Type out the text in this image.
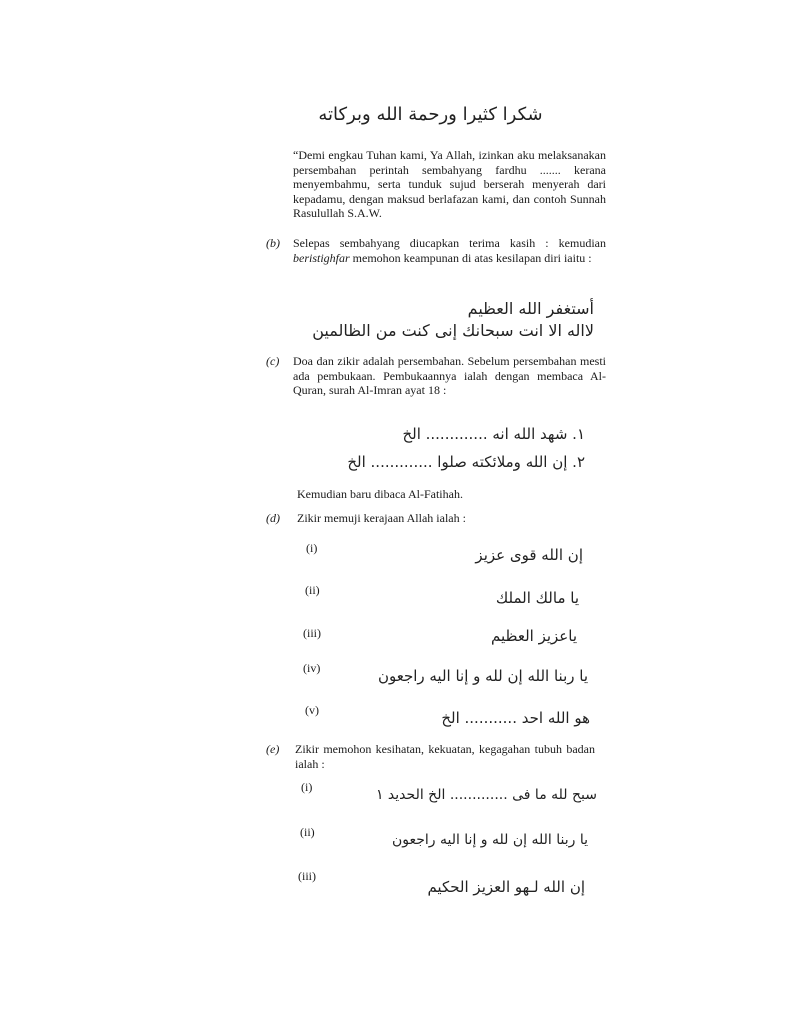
شكرا كثيرا ورحمة الله وبركاته
“Demi engkau Tuhan kami, Ya Allah, izinkan aku melaksanakan persembahan perintah sembahyang fardhu ....... kerana menyembahmu, serta tunduk sujud berserah menyerah dari kepadamu, dengan maksud berlafazan kami, dan contoh Sunnah Rasulullah S.A.W.
(b) Selepas sembahyang diucapkan terima kasih : kemudian beristighfar memohon keampunan di atas kesilapan diri iaitu :
أستغفر الله العظيم
لااله الا انت سبحانك إنى كنت من الظالمين
(c) Doa dan zikir adalah persembahan. Sebelum persembahan mesti ada pembukaan. Pembukaannya ialah dengan membaca Al-Quran, surah Al-Imran ayat 18 :
١. شهد الله انه ............. الخ
٢. إن الله وملائكته صلوا ............. الخ
Kemudian baru dibaca Al-Fatihah.
(d) Zikir memuji kerajaan Allah ialah :
(i)	إن الله قوى عزيز
(ii)	يا مالك الملك
(iii)	ياعزيز العظيم
(iv)	يا ربنا الله إن لله و إنا اليه راجعون
(v)	هو الله احد ........... الخ
(e) Zikir memohon kesihatan, kekuatan, kegagahan tubuh badan ialah :
(i)	سبح لله ما فى ............. الخ الحديد ١
(ii)	يا ربنا الله إن لله و إنا اليه راجعون
(iii)
إن الله لـهو العزيز الحكيم
